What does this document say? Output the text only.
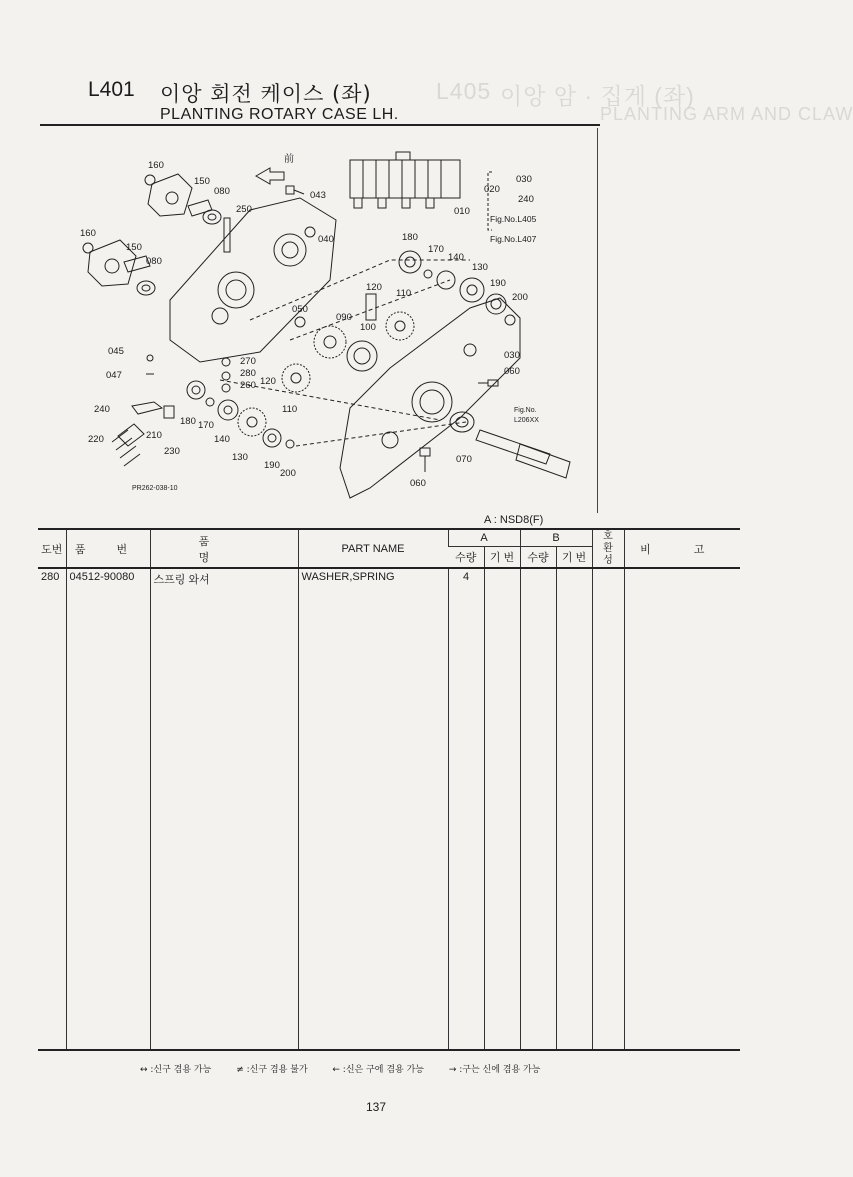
L405 이앙 암 · 집게 (좌)
PLANTING ARM AND CLAW
L401 이앙 회전 케이스 (좌)
PLANTING ROTARY CASE LH.
160
150
080	043
250
040
160
150
080
180
170
140
130
190
200
120
110
050
090
100
030
060
045
047
270
280
260 120
110
240
210
220
230
180 170
140
130
190
200
070
060
前
030
020
240
010
Fig.No.L405
Fig.No.L407
Fig.No.
L206XX
PR262-038-10
A : NSD8(F)
도번	품 번	품 명	PART NAME	A		B		호환성	비 고
				수량	기 번	수량	기 번		
280	04512-90080	스프링 와셔	WASHER,SPRING	4					

↔ :신구 겸용 가능	≠ :신구 겸용 불가	← :신은 구에 겸용 가능	→ :구는 신에 겸용 가능
137
